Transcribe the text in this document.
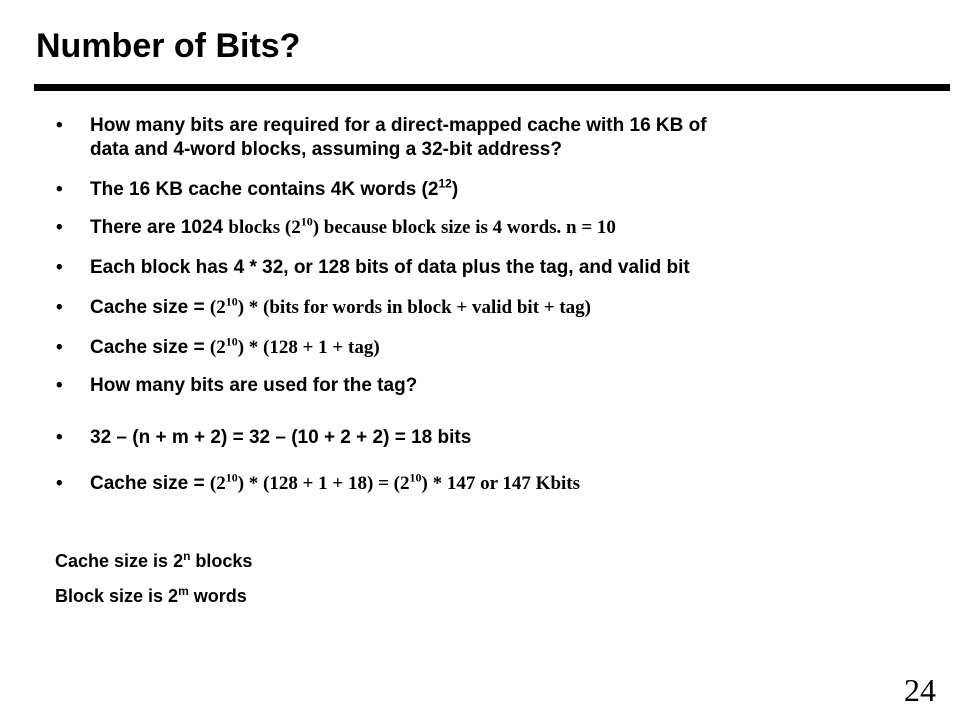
Number of Bits?
•	How many bits are required for a direct-mapped cache with 16 KB of
data and 4-word blocks, assuming a 32-bit address?
•	The 16 KB cache contains 4K words $(2^{12})$
•	There are 1024 blocks $(2^{10})$ because block size is 4 words. n = 10
•	Each block has 4 * 32, or 128 bits of data plus the tag, and valid bit
•	Cache size = $(2^{10})$ * (bits for words in block + valid bit + tag)
•	Cache size = $(2^{10}) * (128 + 1 + tag)$
•	How many bits are used for the tag?
•	32 – (n + m + 2) = 32 – (10 + 2 + 2) = 18 bits
•	Cache size = $(2^{10}) * (128 + 1 + 18) = (2^{10}) * 147$ or 147 Kbits
Cache size is 2$^n$ blocks
Block size is 2$^m$ words
24
